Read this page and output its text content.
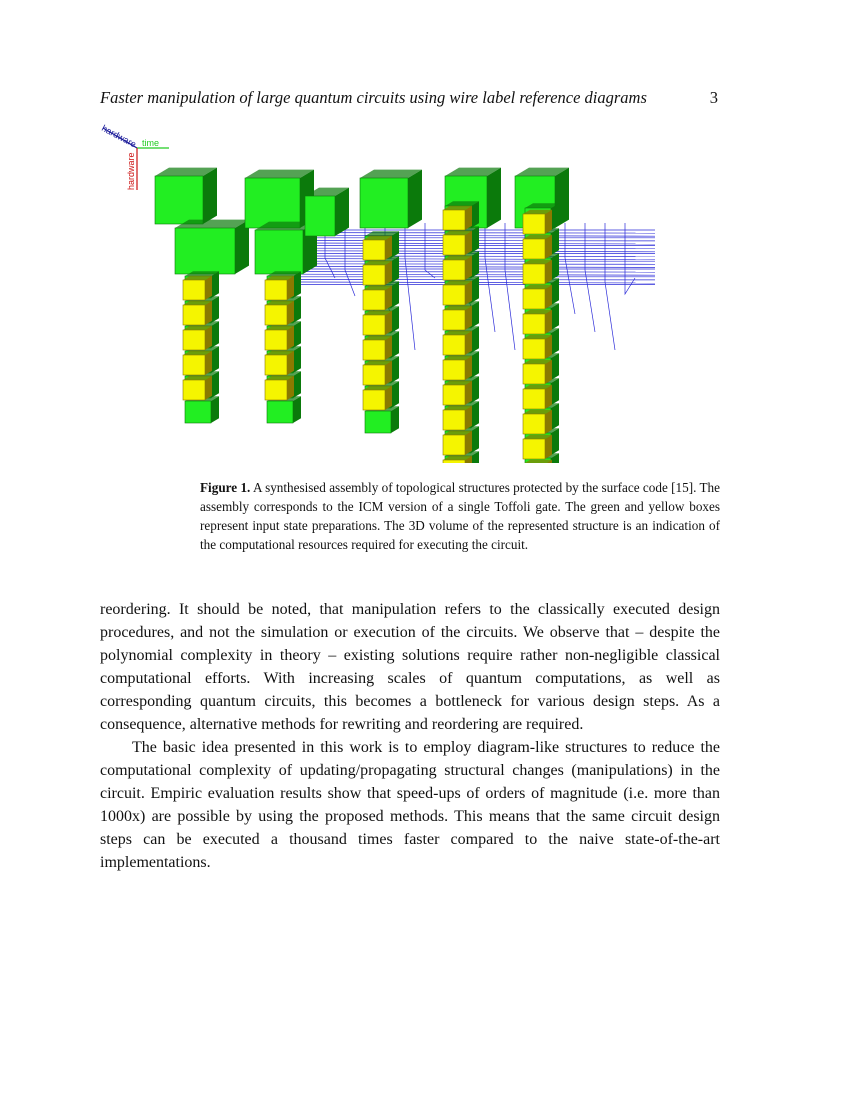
Faster manipulation of large quantum circuits using wire label reference diagrams	3
hardware time
hardware
Figure 1. A synthesised assembly of topological structures protected by the surface code [15]. The assembly corresponds to the ICM version of a single Toffoli gate. The green and yellow boxes represent input state preparations. The 3D volume of the represented structure is an indication of the computational resources required for executing the circuit.

reordering. It should be noted, that manipulation refers to the classically executed design procedures, and not the simulation or execution of the circuits. We observe that – despite the polynomial complexity in theory – existing solutions require rather non-negligible classical computational efforts. With increasing scales of quantum computations, as well as corresponding quantum circuits, this becomes a bottleneck for various design steps. As a consequence, alternative methods for rewriting and reordering are required.

The basic idea presented in this work is to employ diagram-like structures to reduce the computational complexity of updating/propagating structural changes (manipulations) in the circuit. Empiric evaluation results show that speed-ups of orders of magnitude (i.e. more than 1000x) are possible by using the proposed methods. This means that the same circuit design steps can be executed a thousand times faster compared to the naive state-of-the-art implementations.
